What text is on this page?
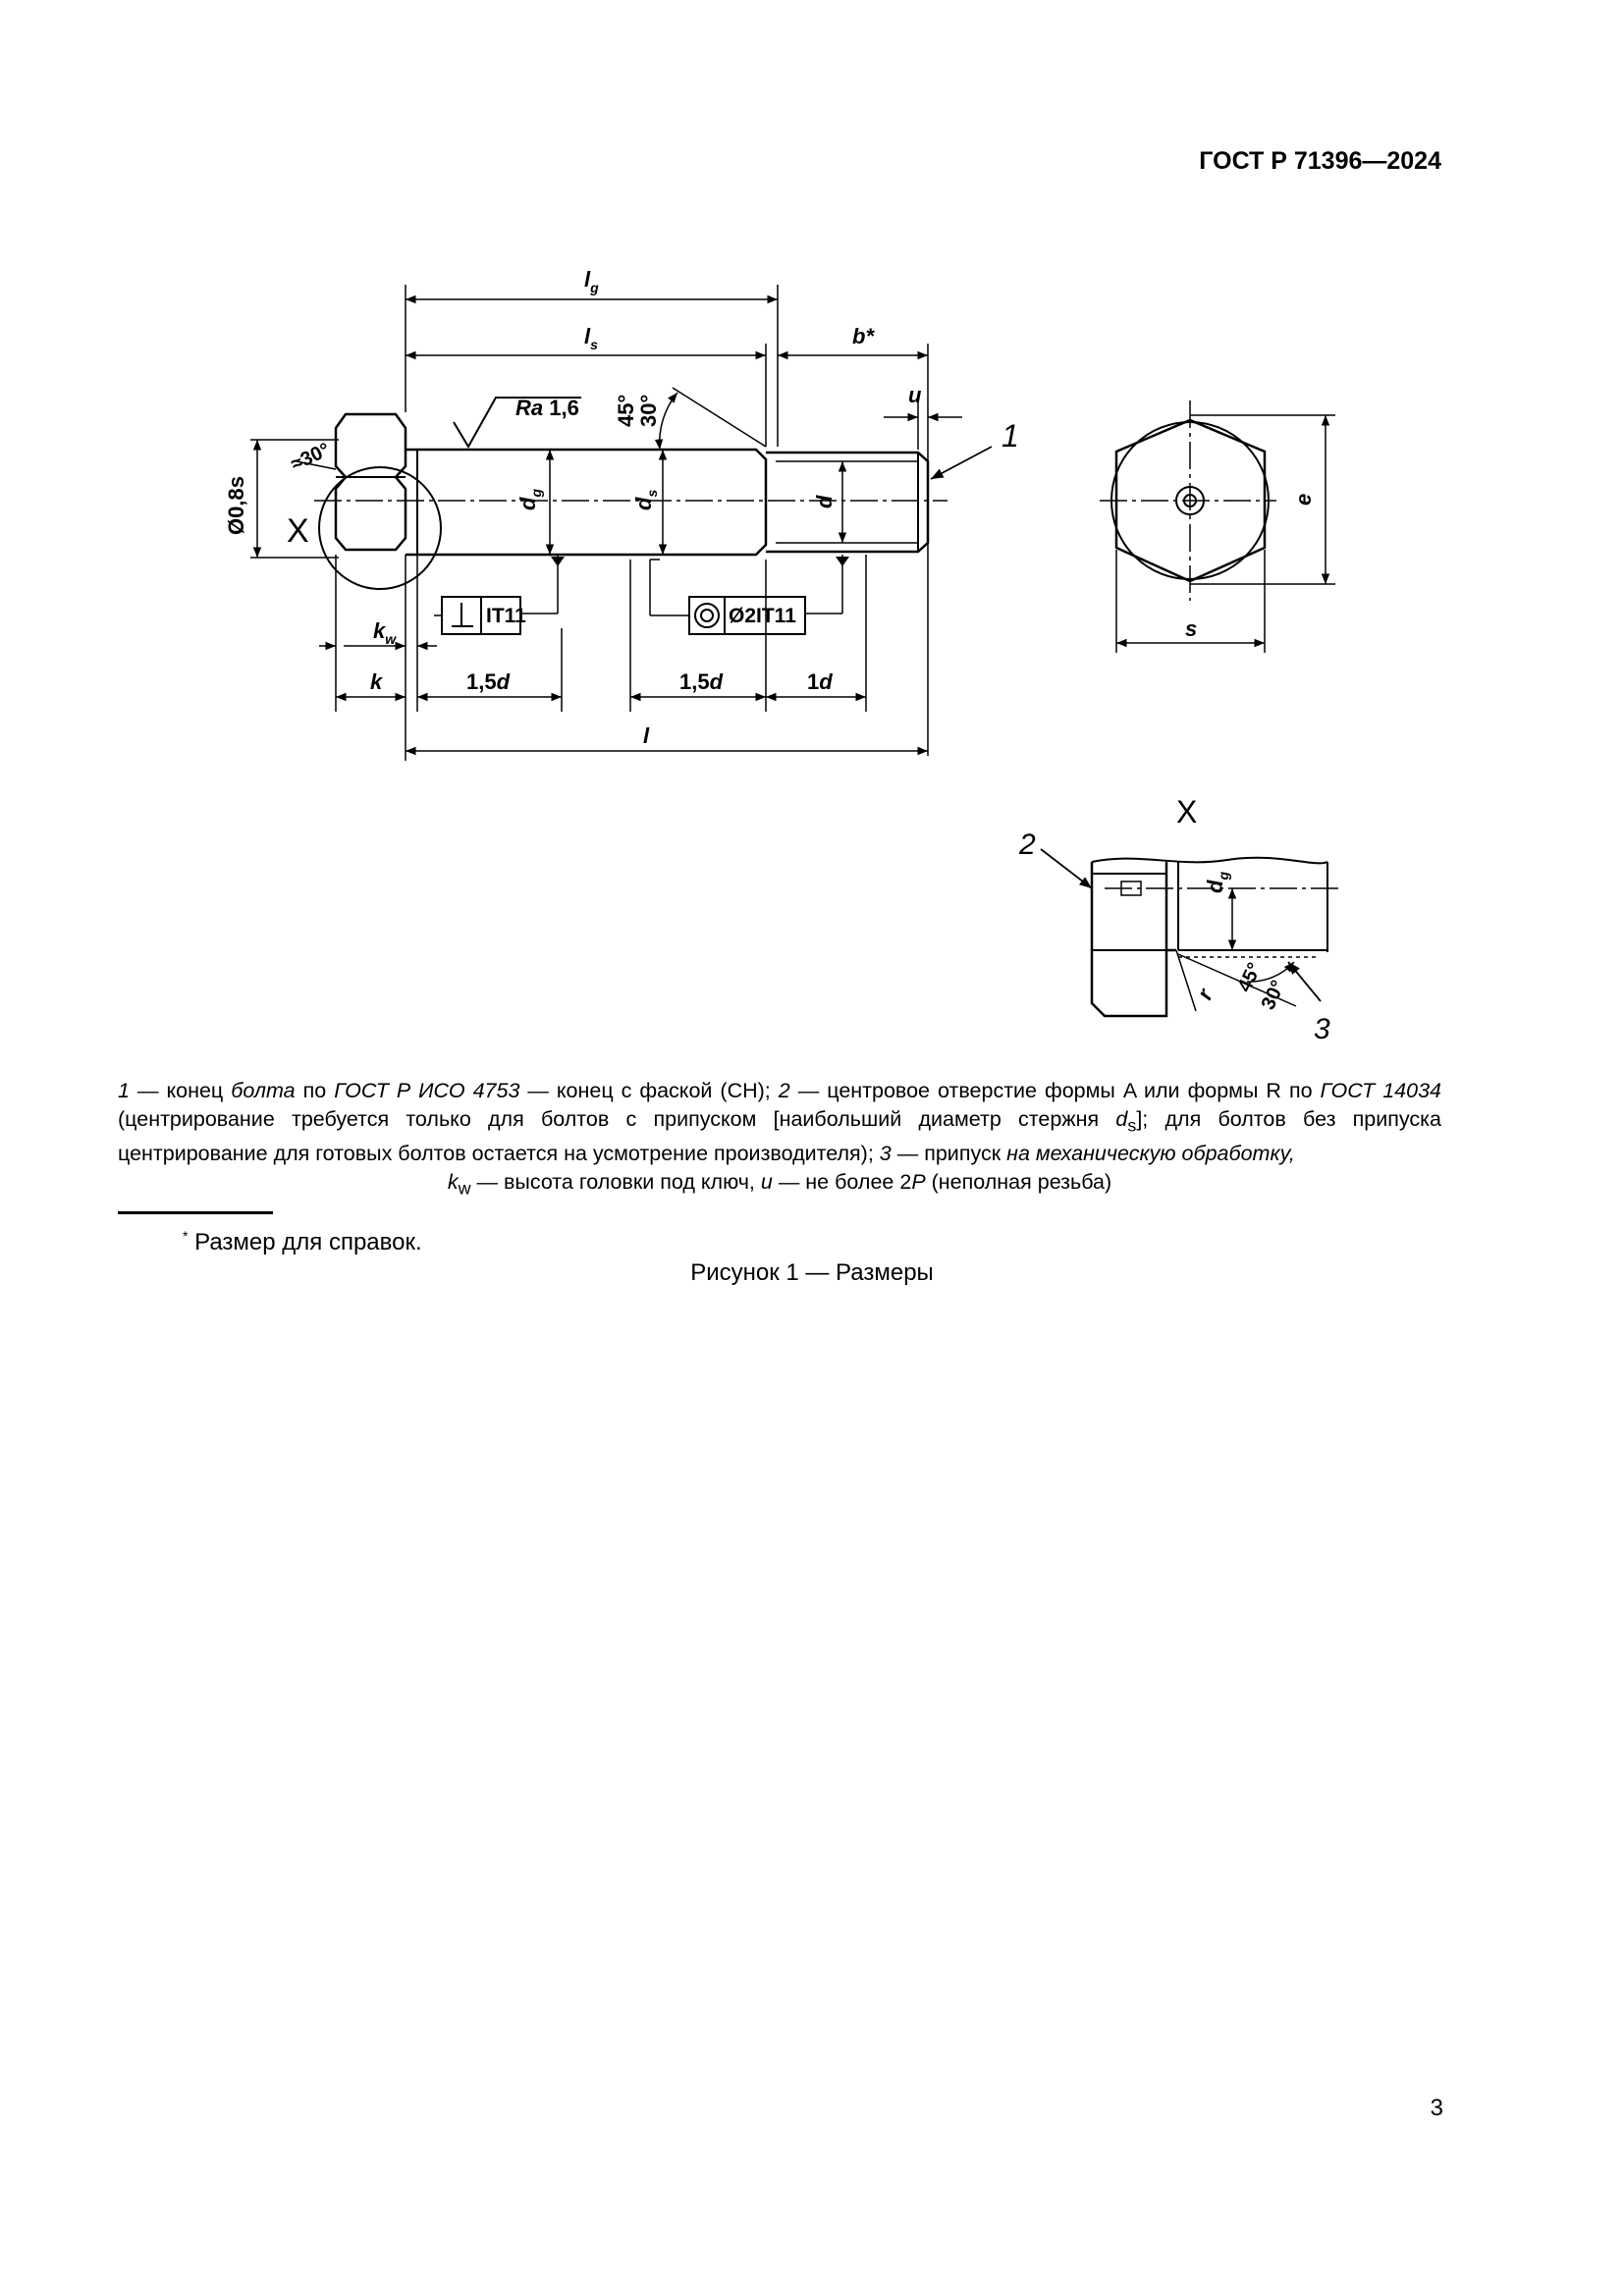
ГОСТ Р 71396—2024
$l_g$
$l_s$	b*
u
Ra 1,6 45°
30°
≈30°
Ø0,8s X
$d_g$
$d_s$
d
1
e
s
$k_w$
k
IT11	Ø2IT11
1,5d	1,5d	1d
l
X
2
3
$d_g$
r 45°
30°
1 — конец болта по ГОСТ Р ИСО 4753 — конец с фаской (CH); 2 — центровое отверстие формы A или формы R по ГОСТ 14034 (центрирование требуется только для болтов с припуском [наибольший диаметр стержня $d_s$]; для болтов без припуска центрирование для готовых болтов остается на усмотрение производителя); 3 — припуск на механическую обработку,
$k_w$ — высота головки под ключ, u — не более 2P (неполная резьба)
* Размер для справок.
Рисунок 1 — Размеры
3
